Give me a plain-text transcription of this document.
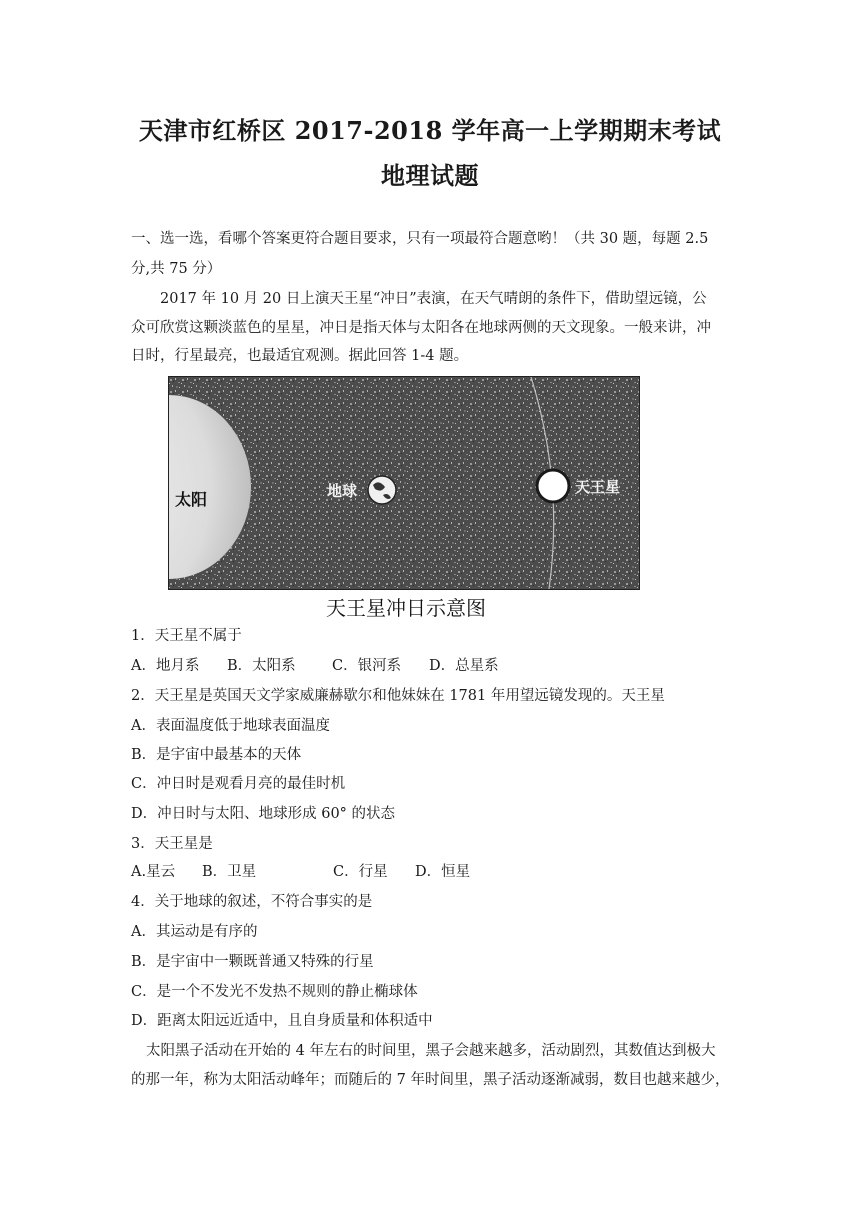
天津市红桥区 2017-2018 学年高一上学期期末考试
地理试题
一、选一选，看哪个答案更符合题目要求，只有一项最符合题意哟！（共 30 题，每题 2.5
分,共 75 分）
2017 年 10 月 20 日上演天王星“冲日”表演，在天气晴朗的条件下，借助望远镜，公
众可欣赏这颗淡蓝色的星星，冲日是指天体与太阳各在地球两侧的天文现象。一般来讲，冲
日时，行星最亮，也最适宜观测。据此回答 1-4 题。
太阳	地球	天王星
天王星冲日示意图
1．天王星不属于
A．地月系 B．太阳系	C．银河系 D．总星系
2．天王星是英国天文学家威廉赫歇尔和他妹妹在 1781 年用望远镜发现的。天王星
A．表面温度低于地球表面温度
B．是宇宙中最基本的天体
C．冲日时是观看月亮的最佳时机
D．冲日时与太阳、地球形成 60° 的状态
3．天王星是
A.星云 B．卫星	C．行星 D．恒星
4．关于地球的叙述，不符合事实的是
A．其运动是有序的
B．是宇宙中一颗既普通又特殊的行星
C．是一个不发光不发热不规则的静止椭球体
D．距离太阳远近适中，且自身质量和体积适中
太阳黑子活动在开始的 4 年左右的时间里，黑子会越来越多，活动剧烈，其数值达到极大
的那一年，称为太阳活动峰年；而随后的 7 年时间里，黑子活动逐渐减弱，数目也越来越少，
